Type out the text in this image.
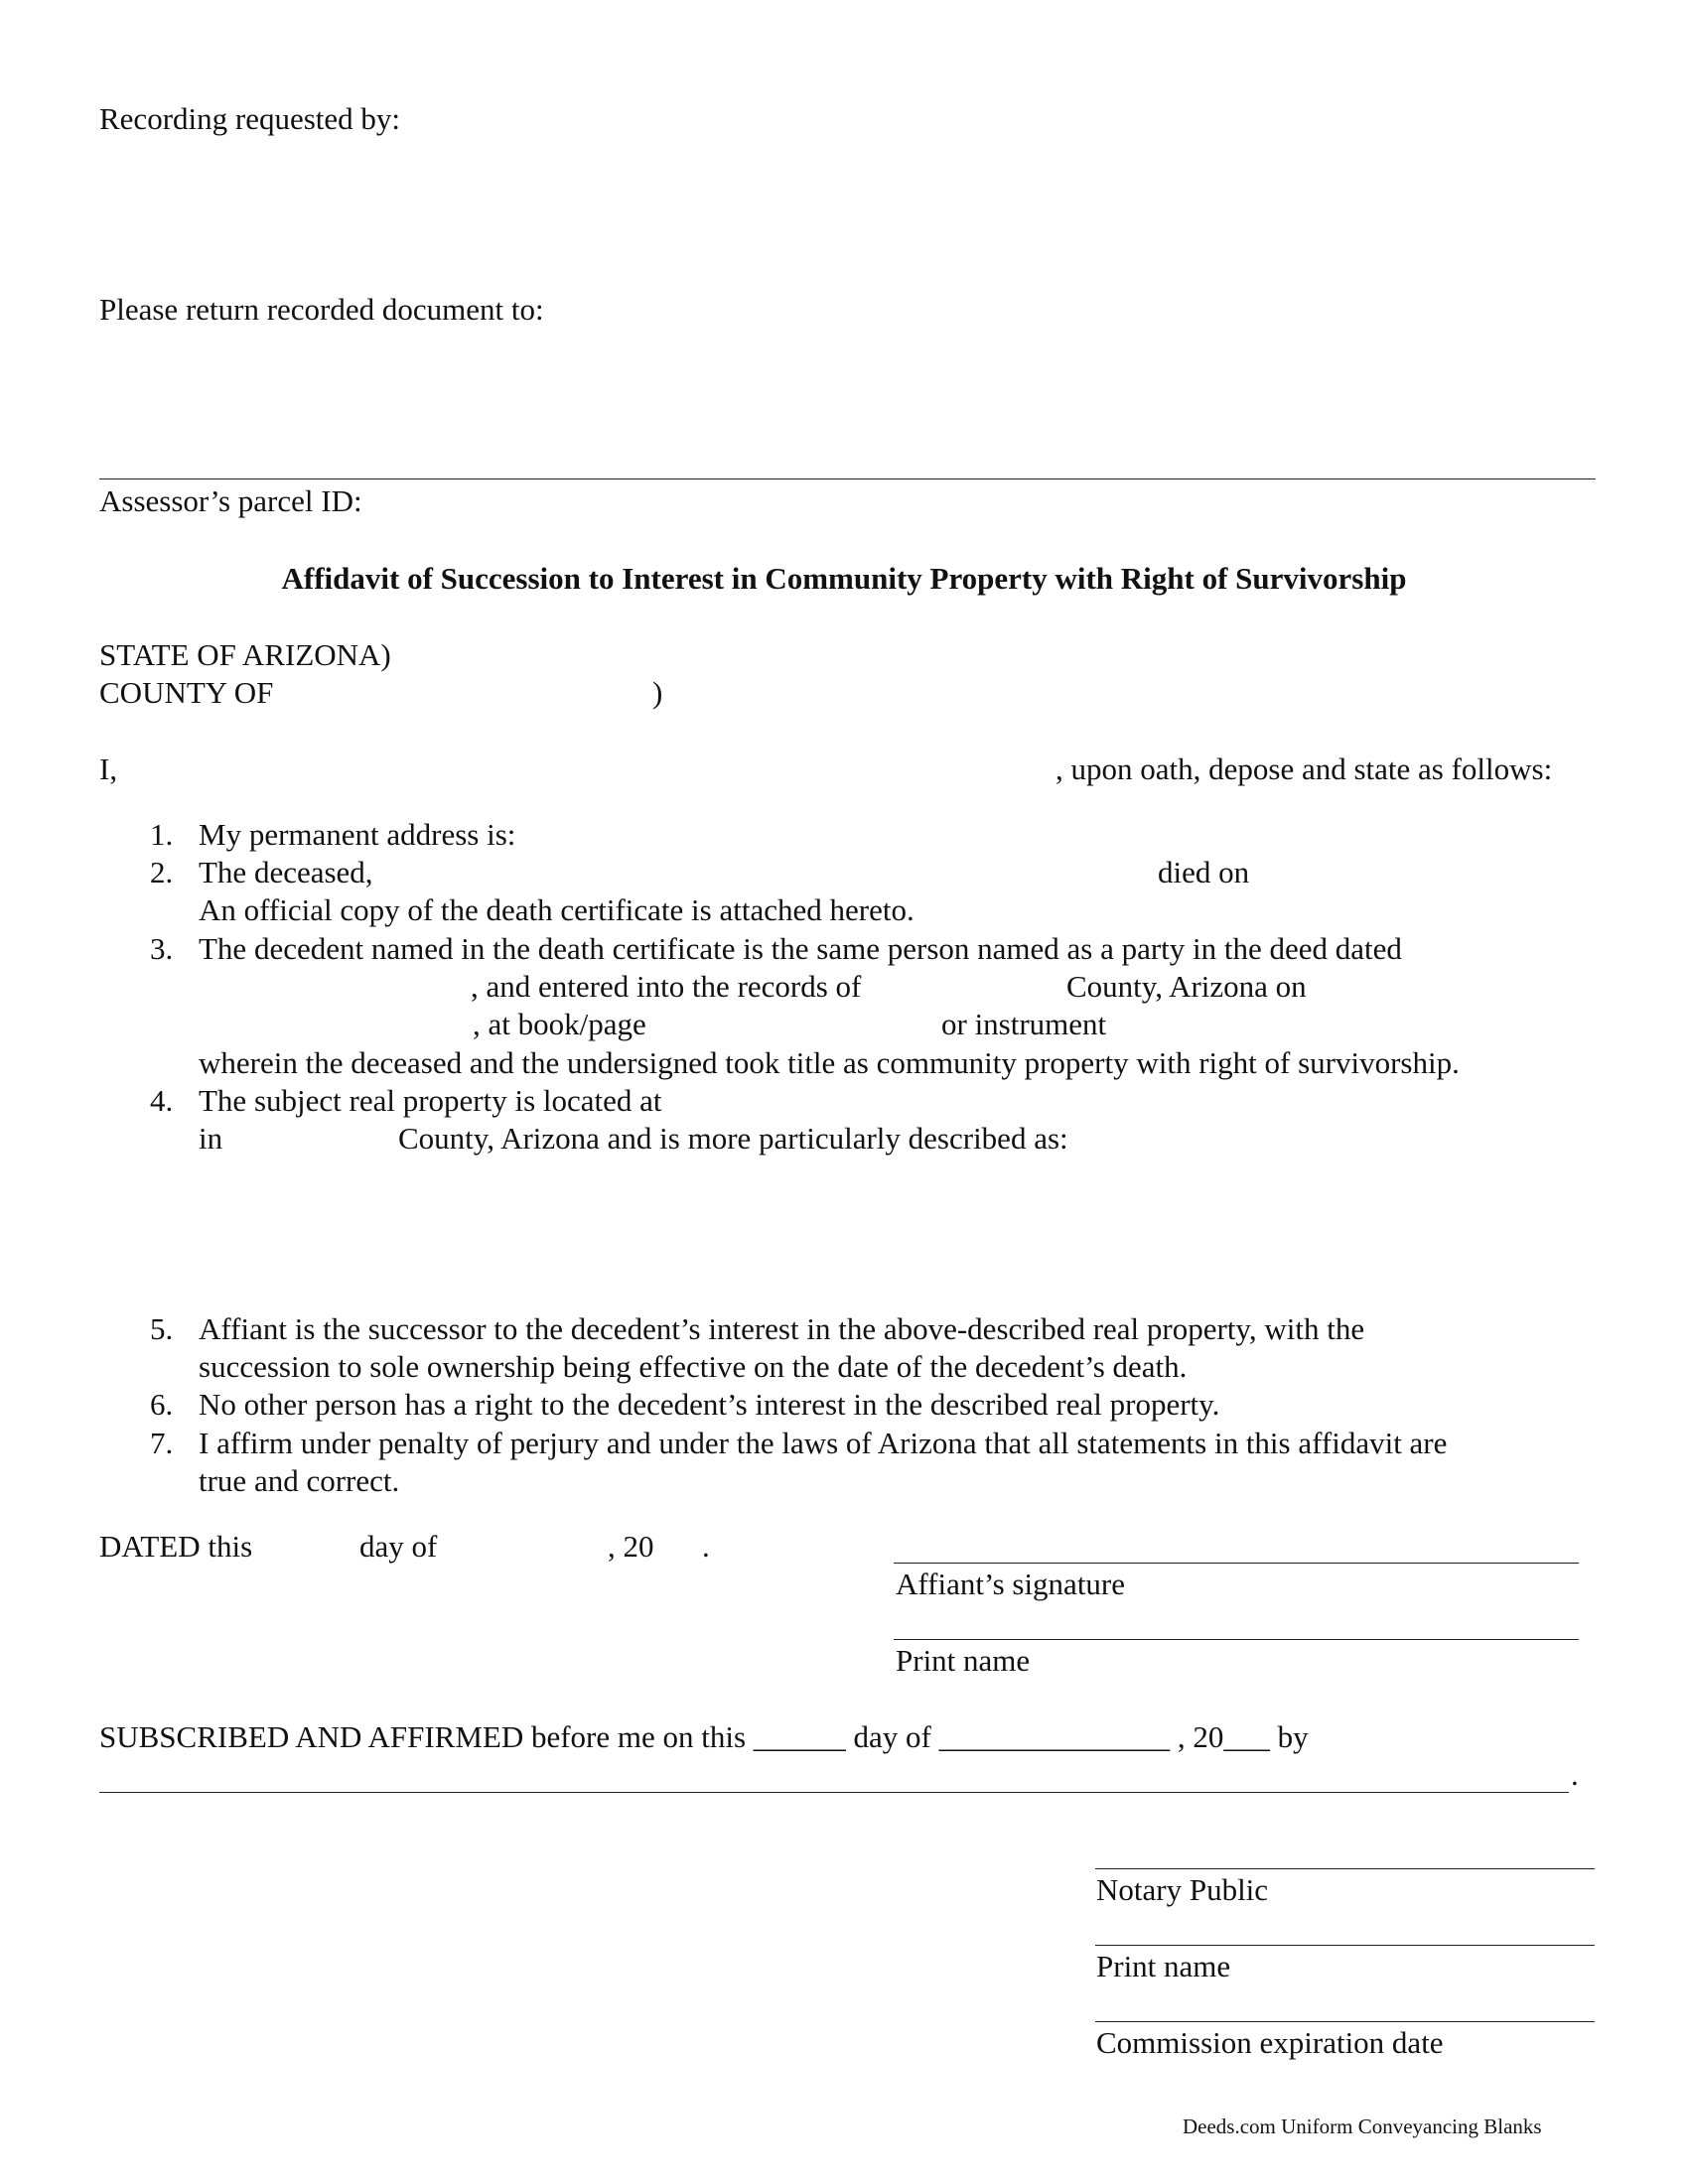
Recording requested by:
Please return recorded document to:
Assessor’s parcel ID:
Affidavit of Succession to Interest in Community Property with Right of Survivorship
STATE OF ARIZONA)
COUNTY OF	)
I,	, upon oath, depose and state as follows:
1. My permanent address is:
2. The deceased,	died on
An official copy of the death certificate is attached hereto.
3. The decedent named in the death certificate is the same person named as a party in the deed dated
, and entered into the records of	County, Arizona on
, at book/page	or instrument
wherein the deceased and the undersigned took title as community property with right of survivorship.
4. The subject real property is located at
in	County, Arizona and is more particularly described as:
5. Affiant is the successor to the decedent’s interest in the above-described real property, with the
succession to sole ownership being effective on the date of the decedent’s death.
6. No other person has a right to the decedent’s interest in the described real property.
7. I affirm under penalty of perjury and under the laws of Arizona that all statements in this affidavit are
true and correct.
DATED this	day of	, 20 .
Affiant’s signature
Print name
SUBSCRIBED AND AFFIRMED before me on this ______ day of _______________ , 20___ by
.
Notary Public
Print name
Commission expiration date
Deeds.com Uniform Conveyancing Blanks
